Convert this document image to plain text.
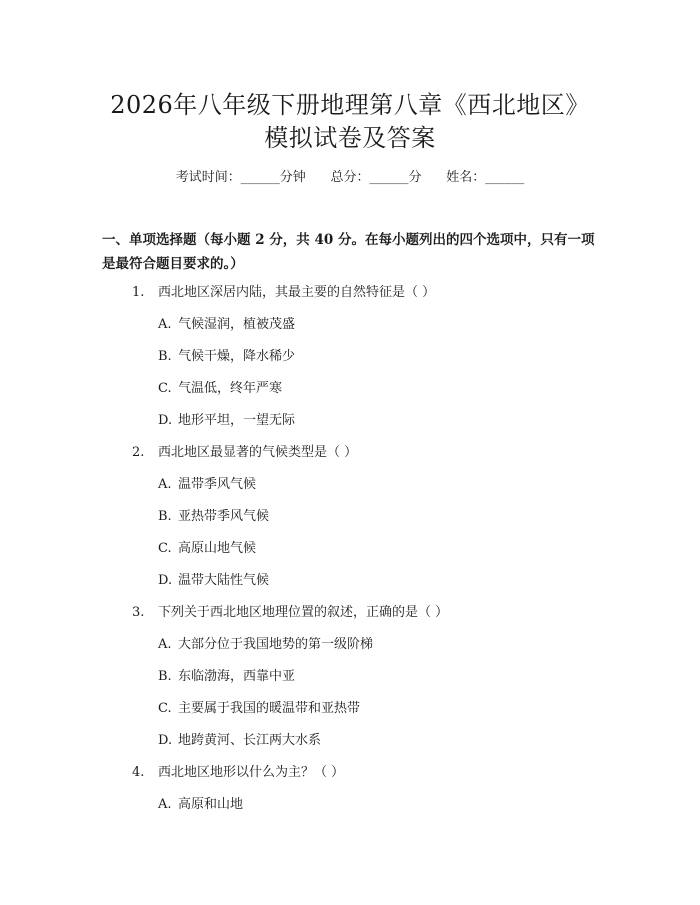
2026年八年级下册地理第八章《西北地区》
模拟试卷及答案
考试时间：______分钟      总分：______分      姓名：______
一、单项选择题（每小题 2 分，共 40 分。在每小题列出的四个选项中，只有一项
是最符合题目要求的。）
1. 西北地区深居内陆，其最主要的自然特征是（ ）
A. 气候湿润，植被茂盛
B. 气候干燥，降水稀少
C. 气温低，终年严寒
D. 地形平坦，一望无际
2. 西北地区最显著的气候类型是（ ）
A. 温带季风气候
B. 亚热带季风气候
C. 高原山地气候
D. 温带大陆性气候
3. 下列关于西北地区地理位置的叙述，正确的是（ ）
A. 大部分位于我国地势的第一级阶梯
B. 东临渤海，西靠中亚
C. 主要属于我国的暖温带和亚热带
D. 地跨黄河、长江两大水系
4. 西北地区地形以什么为主？（ ）
A. 高原和山地
